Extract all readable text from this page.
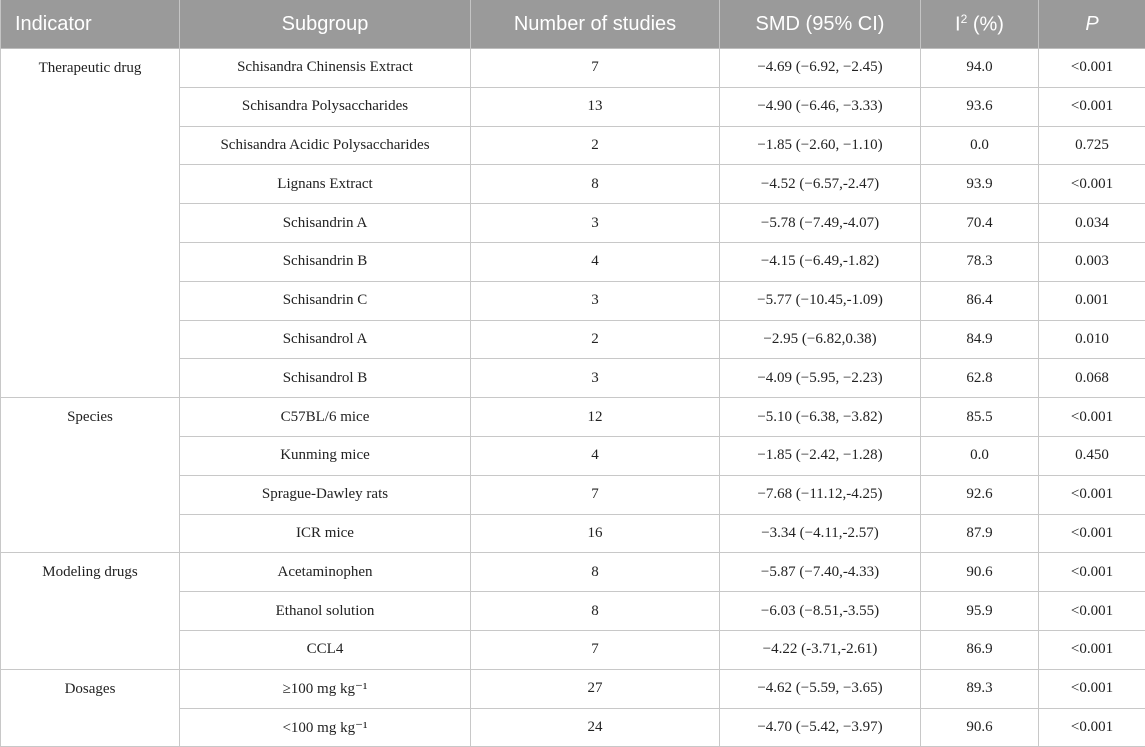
Indicator	Subgroup	Number of studies	SMD (95% CI)	$I^2$ (%)	P
Therapeutic drug	Schisandra Chinensis Extract	7	−4.69 (−6.92, −2.45)	94.0	<0.001
	Schisandra Polysaccharides	13	−4.90 (−6.46, −3.33)	93.6	<0.001
	Schisandra Acidic Polysaccharides	2	−1.85 (−2.60, −1.10)	0.0	0.725
	Lignans Extract	8	−4.52 (−6.57,-2.47)	93.9	<0.001
	Schisandrin A	3	−5.78 (−7.49,-4.07)	70.4	0.034
	Schisandrin B	4	−4.15 (−6.49,-1.82)	78.3	0.003
	Schisandrin C	3	−5.77 (−10.45,-1.09)	86.4	0.001
	Schisandrol A	2	−2.95 (−6.82,0.38)	84.9	0.010
	Schisandrol B	3	−4.09 (−5.95, −2.23)	62.8	0.068
Species	C57BL/6 mice	12	−5.10 (−6.38, −3.82)	85.5	<0.001
	Kunming mice	4	−1.85 (−2.42, −1.28)	0.0	0.450
	Sprague-Dawley rats	7	−7.68 (−11.12,-4.25)	92.6	<0.001
	ICR mice	16	−3.34 (−4.11,-2.57)	87.9	<0.001
Modeling drugs	Acetaminophen	8	−5.87 (−7.40,-4.33)	90.6	<0.001
	Ethanol solution	8	−6.03 (−8.51,-3.55)	95.9	<0.001
	CCL4	7	−4.22 (-3.71,-2.61)	86.9	<0.001
Dosages	≥100 mg kg⁻¹	27	−4.62 (−5.59, −3.65)	89.3	<0.001
	<100 mg kg⁻¹	24	−4.70 (−5.42, −3.97)	90.6	<0.001
